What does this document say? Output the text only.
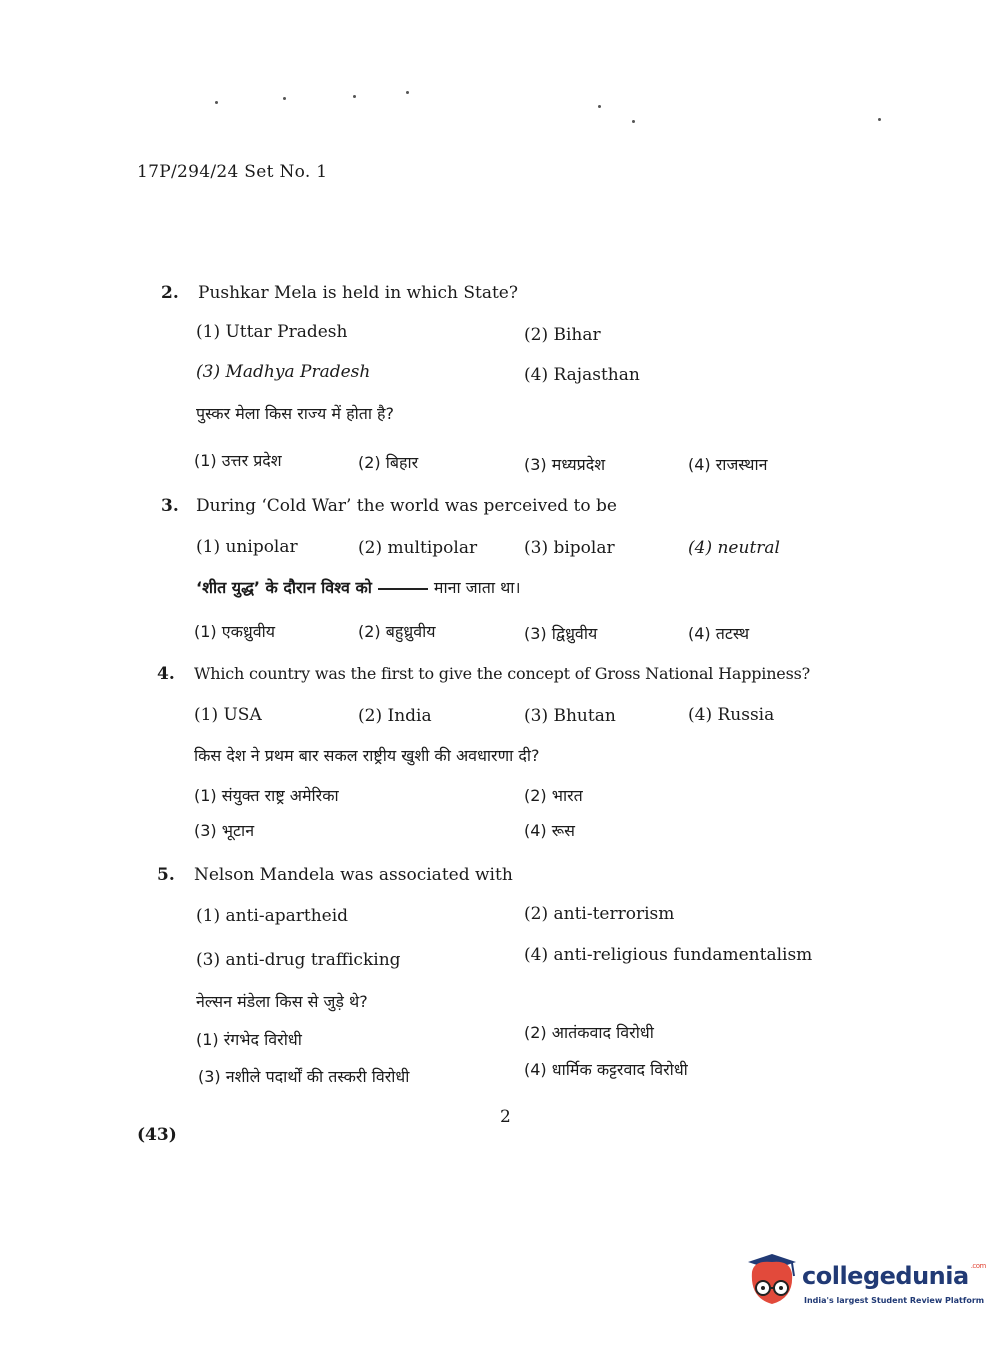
17P/294/24 Set No. 1
2. Pushkar Mela is held in which State?
(1) Uttar Pradesh	(2) Bihar
(3) Madhya Pradesh	(4) Rajasthan
पुस्कर मेला किस राज्य में होता है?
(1) उत्तर प्रदेश	(2) बिहार	(3) मध्यप्रदेश	(4) राजस्थान
3. During ‘Cold War’ the world was perceived to be
(1) unipolar	(2) multipolar	(3) bipolar	(4) neutral
‘शीत युद्ध’ के दौरान विश्व को	माना जाता था।
(1) एकध्रुवीय	(2) बहुध्रुवीय	(3) द्विध्रुवीय	(4) तटस्थ
4. Which country was the first to give the concept of Gross National Happiness?
(1) USA	(2) India	(3) Bhutan	(4) Russia
किस देश ने प्रथम बार सकल राष्ट्रीय खुशी की अवधारणा दी?
(1) संयुक्त राष्ट्र अमेरिका	(2) भारत
(3) भूटान	(4) रूस
5. Nelson Mandela was associated with
(1) anti-apartheid	(2) anti-terrorism
(3) anti-drug trafficking	(4) anti-religious fundamentalism
नेल्सन मंडेला किस से जुड़े थे?
(1) रंगभेद विरोधी	(2) आतंकवाद विरोधी
(3) नशीले पदार्थों की तस्करी विरोधी	(4) धार्मिक कट्टरवाद विरोधी
2
(43)
collegedunia $^{.com}$
India's largest Student Review Platform
